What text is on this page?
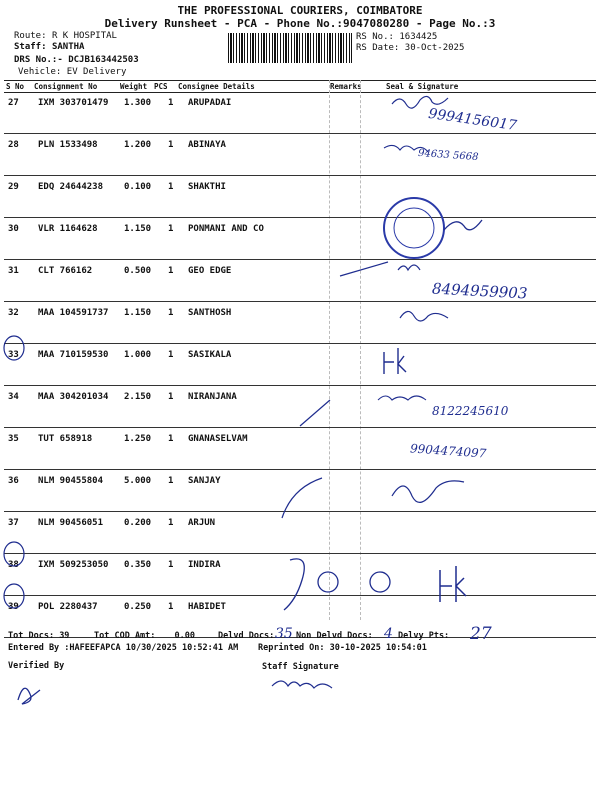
THE PROFESSIONAL COURIERS, COIMBATORE
Delivery Runsheet - PCA - Phone No.:9047080280 - Page No.:3
Route: R K HOSPITAL
Staff: SANTHA
DRS No.:- DCJB163442503
Vehicle: EV Delivery
RS No.: 1634425
RS Date: 30-Oct-2025
S No Consignment No	Weight PCS Consignee Details	Remarks	Seal & Signature
27 IXM 303701479 1.300 1 ARUPADAI
28 PLN 1533498	1.200 1 ABINAYA
29 EDQ 24644238 0.100 1 SHAKTHI
30 VLR 1164628	1.150 1 PONMANI AND CO
31 CLT 766162	0.500 1 GEO EDGE
32 MAA 104591737 1.150 1 SANTHOSH
33 MAA 710159530 1.000 1 SASIKALA
34 MAA 304201034 2.150 1 NIRANJANA
35 TUT 658918	1.250 1 GNANASELVAM
36 NLM 90455804 5.000 1 SANJAY
37 NLM 90456051 0.200 1 ARJUN
38 IXM 509253050 0.350 1 INDIRA
39 POL 2280437	0.250 1 HABIDET
9994156017
94633 5668
8494959903
8122245610
9904474097
Tot Docs: 39	Tot COD Amt: 0.00	Delvd Docs: 35 Non Delvd Docs: 4 Delvy Pts: 27
Entered By :HAFEEFAPCA 10/30/2025 10:52:41 AM Reprinted On: 30-10-2025 10:54:01
Verified By	Staff Signature
